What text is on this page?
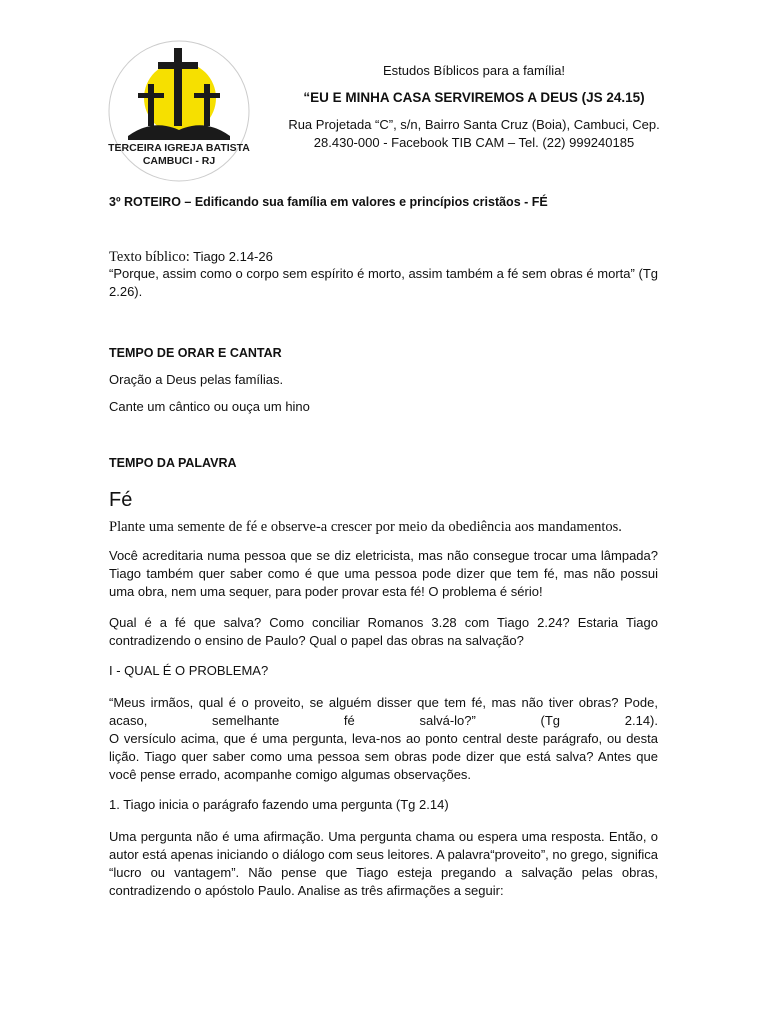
TERCEIRA IGREJA BATISTA
CAMBUCI - RJ
Estudos Bíblicos para a família!
“EU E MINHA CASA SERVIREMOS A DEUS (JS 24.15)
Rua Projetada “C”, s/n, Bairro Santa Cruz (Boia), Cambuci, Cep.
28.430-000 - Facebook TIB CAM – Tel. (22) 999240185
3º ROTEIRO – Edificando sua família em valores e princípios cristãos - FÉ
Texto bíblico: Tiago 2.14-26
“Porque, assim como o corpo sem espírito é morto, assim também a fé sem obras é morta” (Tg 2.26).
TEMPO DE ORAR E CANTAR
Oração a Deus pelas famílias.
Cante um cântico ou ouça um hino
TEMPO DA PALAVRA
Fé
Plante uma semente de fé e observe-a crescer por meio da obediência aos mandamentos.
Você acreditaria numa pessoa que se diz eletricista, mas não consegue trocar uma lâmpada? Tiago também quer saber como é que uma pessoa pode dizer que tem fé, mas não possui uma obra, nem uma sequer, para poder provar esta fé! O problema é sério!
Qual é a fé que salva? Como conciliar Romanos 3.28 com Tiago 2.24? Estaria Tiago contradizendo o ensino de Paulo? Qual o papel das obras na salvação?
I - QUAL É O PROBLEMA?
“Meus irmãos, qual é o proveito, se alguém disser que tem fé, mas não tiver obras? Pode,
acaso,          semelhante          fé          salvá-lo?”          (Tg          2.14).
O versículo acima, que é uma pergunta, leva-nos ao ponto central deste parágrafo, ou desta lição. Tiago quer saber como uma pessoa sem obras pode dizer que está salva? Antes que você pense errado, acompanhe comigo algumas observações.
1. Tiago inicia o parágrafo fazendo uma pergunta (Tg 2.14)
Uma pergunta não é uma afirmação. Uma pergunta chama ou espera uma resposta. Então, o autor está apenas iniciando o diálogo com seus leitores. A palavra“proveito”, no grego, significa “lucro ou vantagem”. Não pense que Tiago esteja pregando a salvação pelas obras, contradizendo o apóstolo Paulo. Analise as três afirmações a seguir:
